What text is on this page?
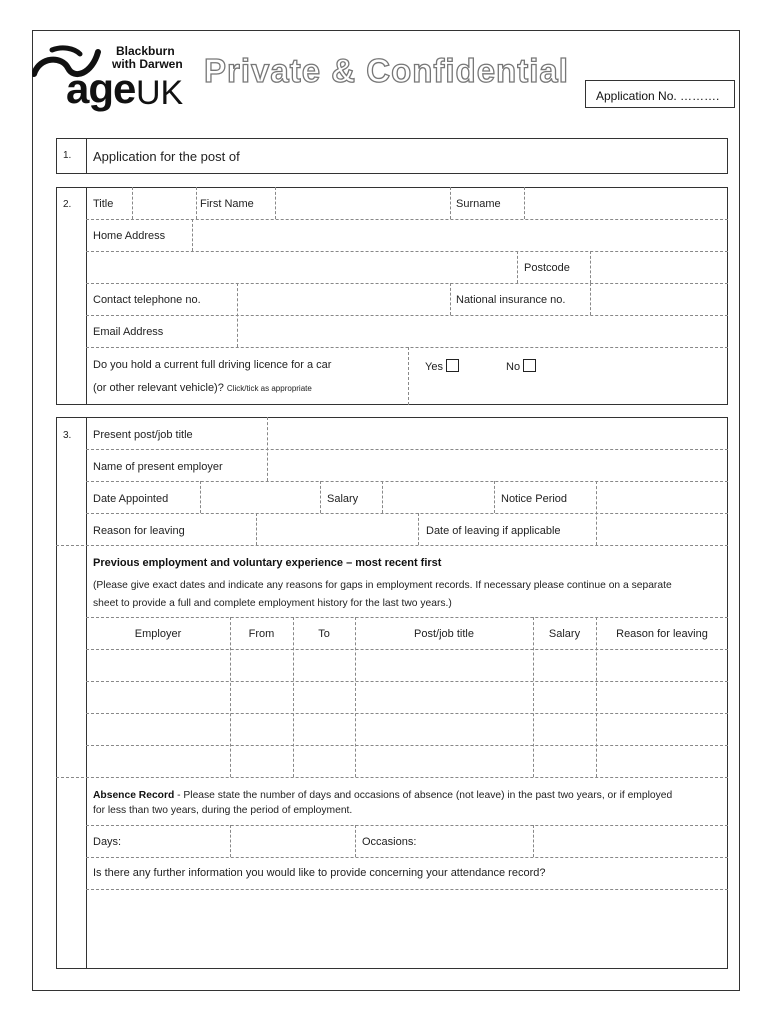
Blackburn
with Darwen
age UK
Private & Confidential
Application No. ……….
1. Application for the post of
2. Title	First Name	Surname
Home Address
Postcode
Contact telephone no.	National insurance no.
Email Address
Do you hold a current full driving licence for a car
(or other relevant vehicle)? Click/tick as appropriate
Yes	No
3. Present post/job title
Name of present employer
Date Appointed	Salary	Notice Period
Reason for leaving	Date of leaving if applicable
Previous employment and voluntary experience – most recent first
(Please give exact dates and indicate any reasons for gaps in employment records. If necessary please continue on a separate
sheet to provide a full and complete employment history for the last two years.)
Employer	From	To	Post/job title	Salary	Reason for leaving
Absence Record - Please state the number of days and occasions of absence (not leave) in the past two years, or if employed
for less than two years, during the period of employment.
Days:	Occasions:
Is there any further information you would like to provide concerning your attendance record?
